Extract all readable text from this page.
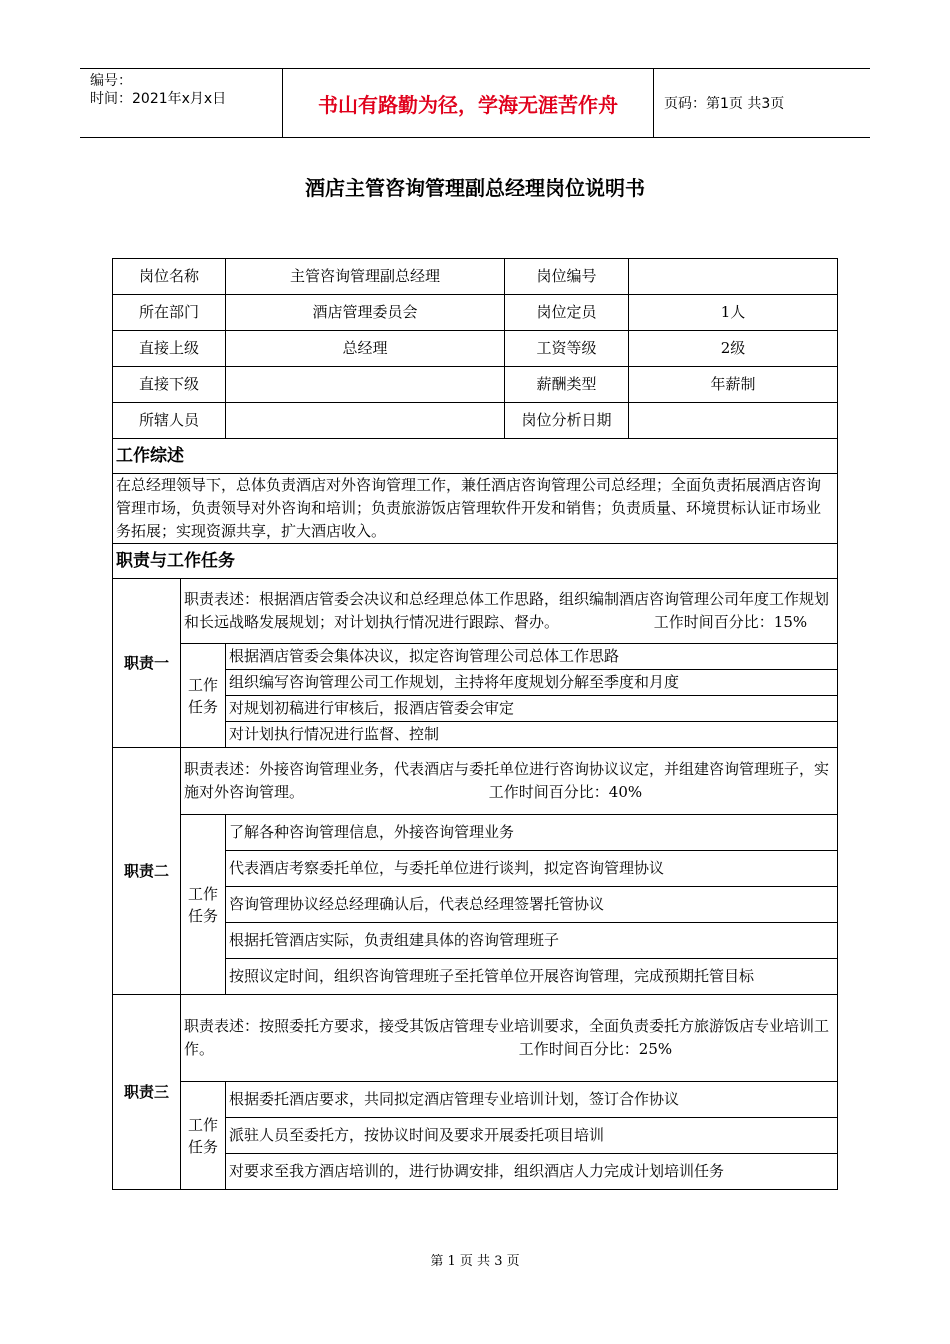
编号：
时间：2021年x月x日	书山有路勤为径，学海无涯苦作舟	页码：第1页 共3页
酒店主管咨询管理副总经理岗位说明书
岗位名称		主管咨询管理副总经理	岗位编号	
所在部门		酒店管理委员会	岗位定员	1人
直接上级		总经理	工资等级	2级
直接下级			薪酬类型	年薪制
所辖人员			岗位分析日期	
工作综述				
在总经理领导下，总体负责酒店对外咨询管理工作，兼任酒店咨询管理公司总经理；全面负责拓展酒店咨询管理市场，负责领导对外咨询和培训；负责旅游饭店管理软件开发和销售；负责质量、环境贯标认证市场业务拓展；实现资源共享，扩大酒店收入。				
职责与工作任务				
职责一	职责表述：根据酒店管委会决议和总经理总体工作思路，组织编制酒店咨询管理公司年度工作规划和长远战略发展规划；对计划执行情况进行跟踪、督办。 工作时间百分比：15%			
	工作任务	根据酒店管委会集体决议，拟定咨询管理公司总体工作思路		
		组织编写咨询管理公司工作规划，主持将年度规划分解至季度和月度		
		对规划初稿进行审核后，报酒店管委会审定		
		对计划执行情况进行监督、控制		
职责二	职责表述：外接咨询管理业务，代表酒店与委托单位进行咨询协议议定，并组建咨询管理班子，实施对外咨询管理。 工作时间百分比：40%			
	工作任务	了解各种咨询管理信息，外接咨询管理业务		
		代表酒店考察委托单位，与委托单位进行谈判，拟定咨询管理协议		
		咨询管理协议经总经理确认后，代表总经理签署托管协议		
		根据托管酒店实际，负责组建具体的咨询管理班子		
		按照议定时间，组织咨询管理班子至托管单位开展咨询管理，完成预期托管目标		
职责三	职责表述：按照委托方要求，接受其饭店管理专业培训要求，全面负责委托方旅游饭店专业培训工作。 工作时间百分比：25%			
	工作任务	根据委托酒店要求，共同拟定酒店管理专业培训计划，签订合作协议		
		派驻人员至委托方，按协议时间及要求开展委托项目培训		
		对要求至我方酒店培训的，进行协调安排，组织酒店人力完成计划培训任务		
第 1 页 共 3 页
